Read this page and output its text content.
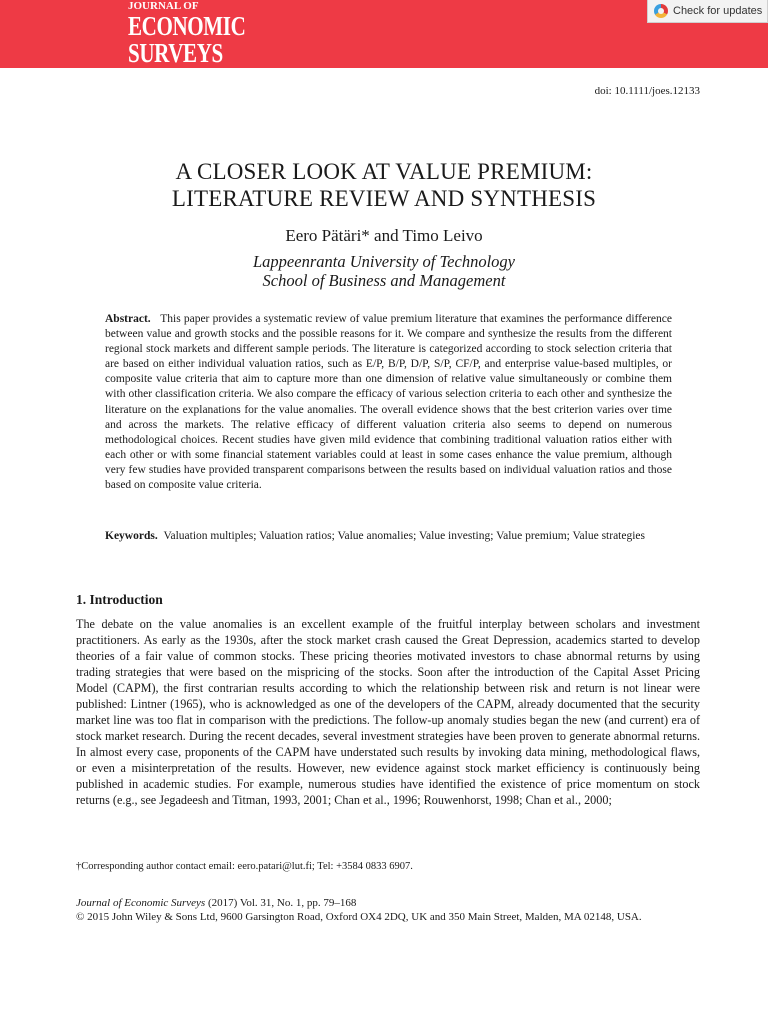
JOURNAL OF
ECONOMIC
SURVEYS
Check for updates
doi: 10.1111/joes.12133
A CLOSER LOOK AT VALUE PREMIUM:
LITERATURE REVIEW AND SYNTHESIS
Eero Pätäri* and Timo Leivo
Lappeenranta University of Technology
School of Business and Management
Abstract. This paper provides a systematic review of value premium literature that examines the performance difference between value and growth stocks and the possible reasons for it. We compare and synthesize the results from the different regional stock markets and different sample periods. The literature is categorized according to stock selection criteria that are based on either individual valuation ratios, such as E/P, B/P, D/P, S/P, CF/P, and enterprise value-based multiples, or composite value criteria that aim to capture more than one dimension of relative value simultaneously or combine them with other classification criteria. We also compare the efficacy of various selection criteria to each other and synthesize the literature on the explanations for the value anomalies. The overall evidence shows that the best criterion varies over time and across the markets. The relative efficacy of different valuation criteria also seems to depend on numerous methodological choices. Recent studies have given mild evidence that combining traditional valuation ratios either with each other or with some financial statement variables could at least in some cases enhance the value premium, although very few studies have provided transparent comparisons between the results based on individual valuation ratios and those based on composite value criteria.
Keywords. Valuation multiples; Valuation ratios; Value anomalies; Value investing; Value premium; Value strategies
1. Introduction
The debate on the value anomalies is an excellent example of the fruitful interplay between scholars and investment practitioners. As early as the 1930s, after the stock market crash caused the Great Depression, academics started to develop theories of a fair value of common stocks. These pricing theories motivated investors to chase abnormal returns by using trading strategies that were based on the mispricing of the stocks. Soon after the introduction of the Capital Asset Pricing Model (CAPM), the first contrarian results according to which the relationship between risk and return is not linear were published: Lintner (1965), who is acknowledged as one of the developers of the CAPM, already documented that the security market line was too flat in comparison with the predictions. The follow-up anomaly studies began the new (and current) era of stock market research. During the recent decades, several investment strategies have been proven to generate abnormal returns. In almost every case, proponents of the CAPM have understated such results by invoking data mining, methodological flaws, or even a misinterpretation of the results. However, new evidence against stock market efficiency is continuously being published in academic studies. For example, numerous studies have identified the existence of price momentum on stock returns (e.g., see Jegadeesh and Titman, 1993, 2001; Chan et al., 1996; Rouwenhorst, 1998; Chan et al., 2000;
†Corresponding author contact email: eero.patari@lut.fi; Tel: +3584 0833 6907.
Journal of Economic Surveys (2017) Vol. 31, No. 1, pp. 79–168
© 2015 John Wiley & Sons Ltd, 9600 Garsington Road, Oxford OX4 2DQ, UK and 350 Main Street, Malden, MA 02148, USA.
